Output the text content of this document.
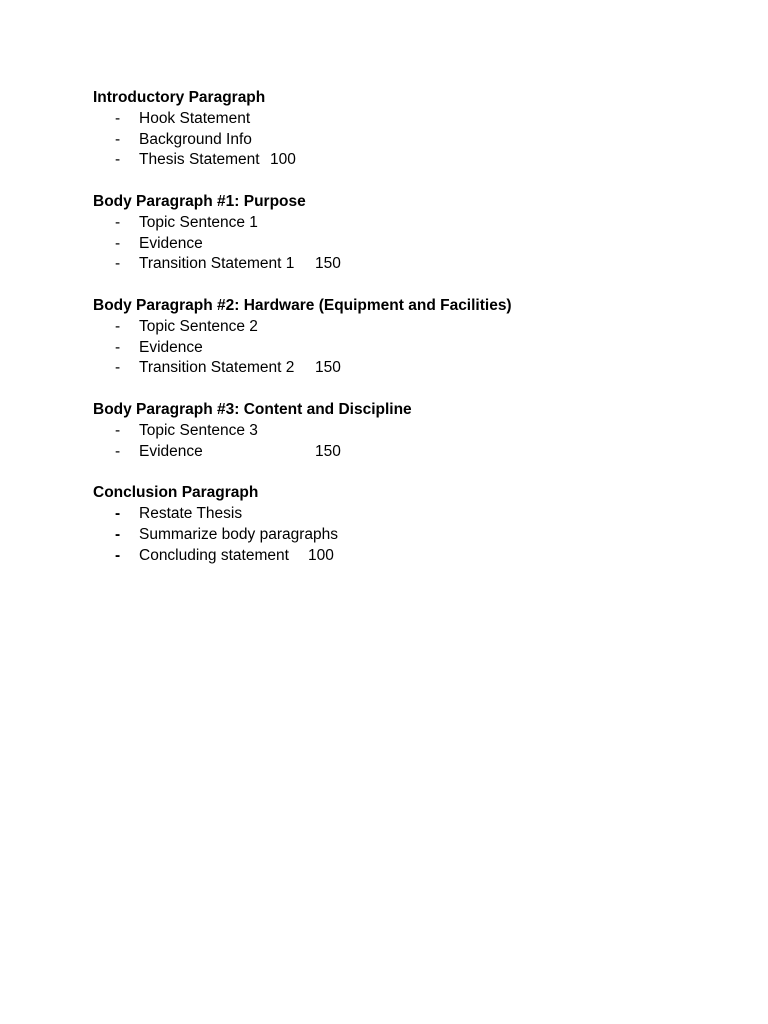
Introductory Paragraph

-

Hook Statement

-

Background Info

-

Thesis Statement

100

Body Paragraph #1: Purpose

-

Topic Sentence 1

-

Evidence

-

Transition Statement 1

150

Body Paragraph #2: Hardware (Equipment and Facilities)

-

Topic Sentence 2

-

Evidence

-

Transition Statement 2

150

Body Paragraph #3: Content and Discipline

-

Topic Sentence 3

-

Evidence

	150

Conclusion Paragraph

-

Restate Thesis

-

Summarize body paragraphs

-

Concluding statement

100
